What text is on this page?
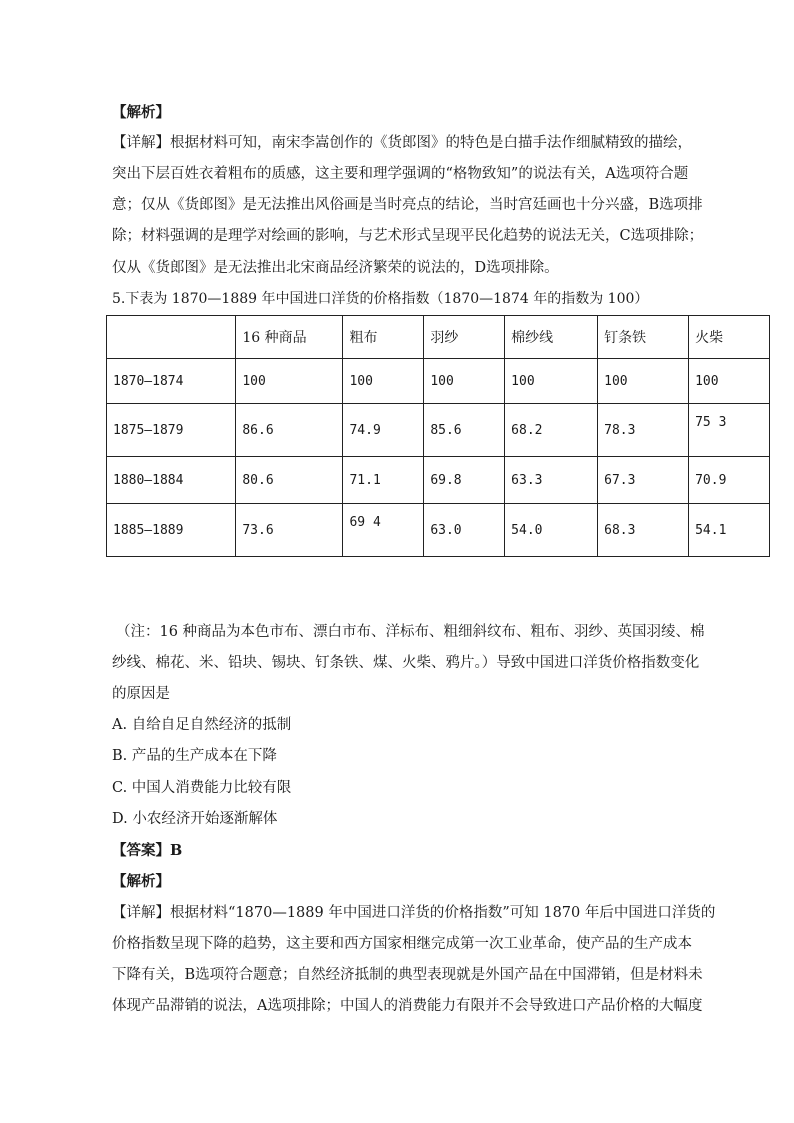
【解析】
【详解】根据材料可知，南宋李嵩创作的《货郎图》的特色是白描手法作细腻精致的描绘，
突出下层百姓衣着粗布的质感，这主要和理学强调的“格物致知”的说法有关，A选项符合题
意；仅从《货郎图》是无法推出风俗画是当时亮点的结论，当时宫廷画也十分兴盛，B选项排
除；材料强调的是理学对绘画的影响，与艺术形式呈现平民化趋势的说法无关，C选项排除；
仅从《货郎图》是无法推出北宋商品经济繁荣的说法的，D选项排除。
5.下表为 1870—1889 年中国进口洋货的价格指数（1870—1874 年的指数为 100）
	16 种商品	粗布	羽纱	棉纱线	钉条铁	火柴
1870—1874	100	100	100	100	100	100
1875—1879	86.6	74.9	85.6	68.2	78.3	75 3
1880—1884	80.6	71.1	69.8	63.3	67.3	70.9
1885—1889	73.6	69 4	63.0	54.0	68.3	54.1
（注：16 种商品为本色市布、漂白市布、洋标布、粗细斜纹布、粗布、羽纱、英国羽绫、棉
纱线、棉花、米、铅块、锡块、钉条铁、煤、火柴、鸦片。）导致中国进口洋货价格指数变化
的原因是
A. 自给自足自然经济的抵制
B. 产品的生产成本在下降
C. 中国人消费能力比较有限
D. 小农经济开始逐渐解体
【答案】B
【解析】
【详解】根据材料“1870—1889 年中国进口洋货的价格指数”可知 1870 年后中国进口洋货的
价格指数呈现下降的趋势，这主要和西方国家相继完成第一次工业革命，使产品的生产成本
下降有关，B选项符合题意；自然经济抵制的典型表现就是外国产品在中国滞销，但是材料未
体现产品滞销的说法，A选项排除；中国人的消费能力有限并不会导致进口产品价格的大幅度
